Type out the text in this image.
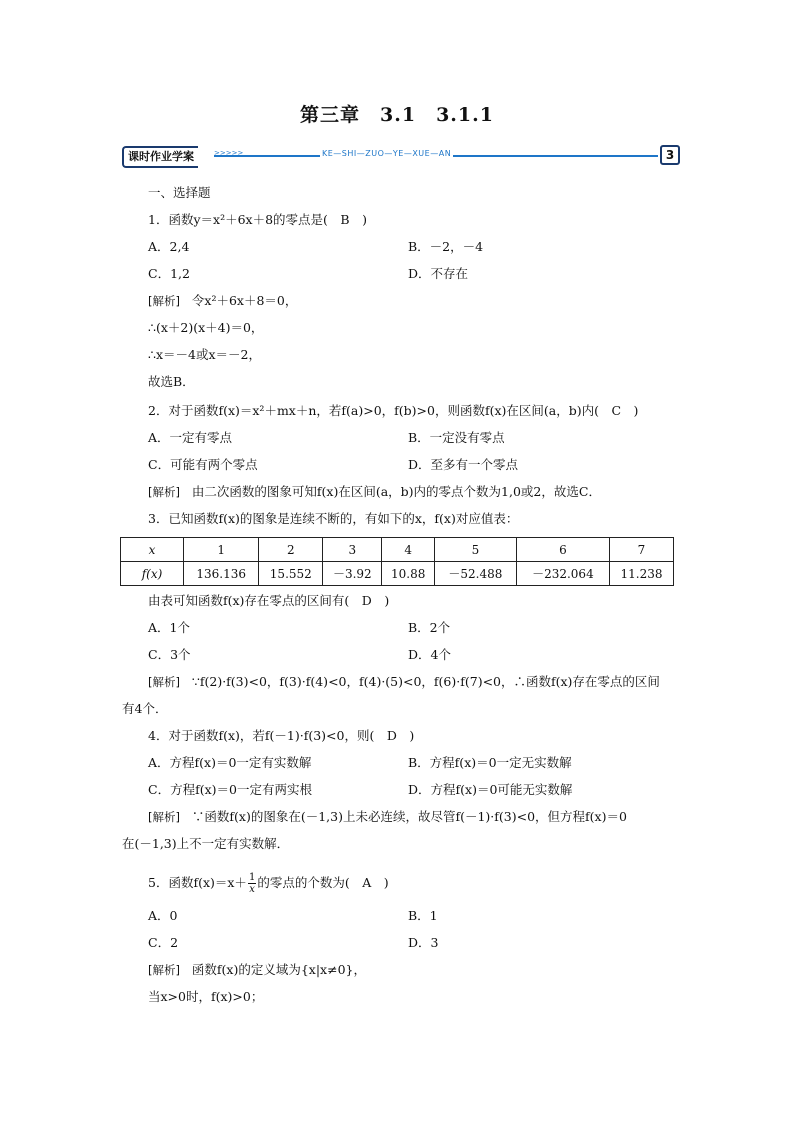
第三章　3.1　3.1.1
课时作业学案	>>>>>	KE—SHI—ZUO—YE—XUE—AN	3
一、选择题
1．函数y＝x²＋6x＋8的零点是(　B　)
A．2,4	B．－2，－4
C．1,2	D．不存在
[解析] 令x²＋6x＋8＝0，
∴(x＋2)(x＋4)＝0，
∴x＝－4或x＝－2，
故选B．
2．对于函数f(x)＝x²＋mx＋n，若f(a)>0，f(b)>0，则函数f(x)在区间(a，b)内(　C　)
A．一定有零点	B．一定没有零点
C．可能有两个零点	D．至多有一个零点
[解析] 由二次函数的图象可知f(x)在区间(a，b)内的零点个数为1,0或2，故选C．
3．已知函数f(x)的图象是连续不断的，有如下的x，f(x)对应值表：
x	1	2	3	4	5	6	7
f(x)	136.136	15.552	－3.92	10.88	－52.488	－232.064	11.238
由表可知函数f(x)存在零点的区间有(　D　)
A．1个	B．2个
C．3个	D．4个
[解析] ∵f(2)·f(3)<0，f(3)·f(4)<0，f(4)·(5)<0，f(6)·f(7)<0，∴函数f(x)存在零点的区间
有4个．
4．对于函数f(x)，若f(－1)·f(3)<0，则(　D　)
A．方程f(x)＝0一定有实数解	B．方程f(x)＝0一定无实数解
C．方程f(x)＝0一定有两实根	D．方程f(x)＝0可能无实数解
[解析] ∵函数f(x)的图象在(－1,3)上未必连续，故尽管f(－1)·f(3)<0，但方程f(x)＝0
在(－1,3)上不一定有实数解．
5．函数$f(x)=x+ \frac{1}{x}$ 的零点的个数为(　A　)
A．0	B．1
C．2	D．3
[解析] 函数f(x)的定义域为{x|x≠0}，
当x>0时，f(x)>0；
